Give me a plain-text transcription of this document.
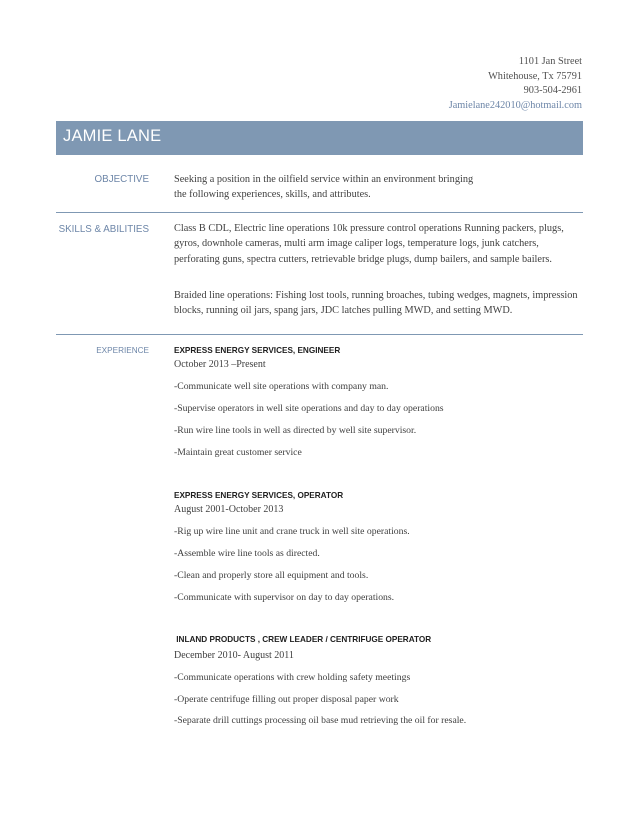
1101 Jan Street
Whitehouse, Tx 75791
903-504-2961
Jamielane242010@hotmail.com
JAMIE LANE
OBJECTIVE Seeking a position in the oilfield service within an environment bringing
the following experiences, skills, and attributes.
SKILLS & ABILITIES Class B CDL, Electric line operations 10k pressure control operations Running packers, plugs, gyros, downhole cameras, multi arm image caliper logs, temperature logs, junk catchers, perforating guns, spectra cutters, retrievable bridge plugs, dump bailers, and sample bailers.
Braided line operations: Fishing lost tools, running broaches, tubing wedges, magnets, impression blocks, running oil jars, spang jars, JDC latches pulling MWD, and setting MWD.
EXPERIENCE	EXPRESS ENERGY SERVICES, ENGINEER
October 2013 –Present
-Communicate well site operations with company man.
-Supervise operators in well site operations and day to day operations
-Run wire line tools in well as directed by well site supervisor.
-Maintain great customer service
EXPRESS ENERGY SERVICES, OPERATOR
August 2001-October 2013
-Rig up wire line unit and crane truck in well site operations.
-Assemble wire line tools as directed.
-Clean and properly store all equipment and tools.
-Communicate with supervisor on day to day operations.
INLAND PRODUCTS , CREW LEADER / CENTRIFUGE OPERATOR
December 2010- August 2011
-Communicate operations with crew holding safety meetings
-Operate centrifuge filling out proper disposal paper work
-Separate drill cuttings processing oil base mud retrieving the oil for resale.
